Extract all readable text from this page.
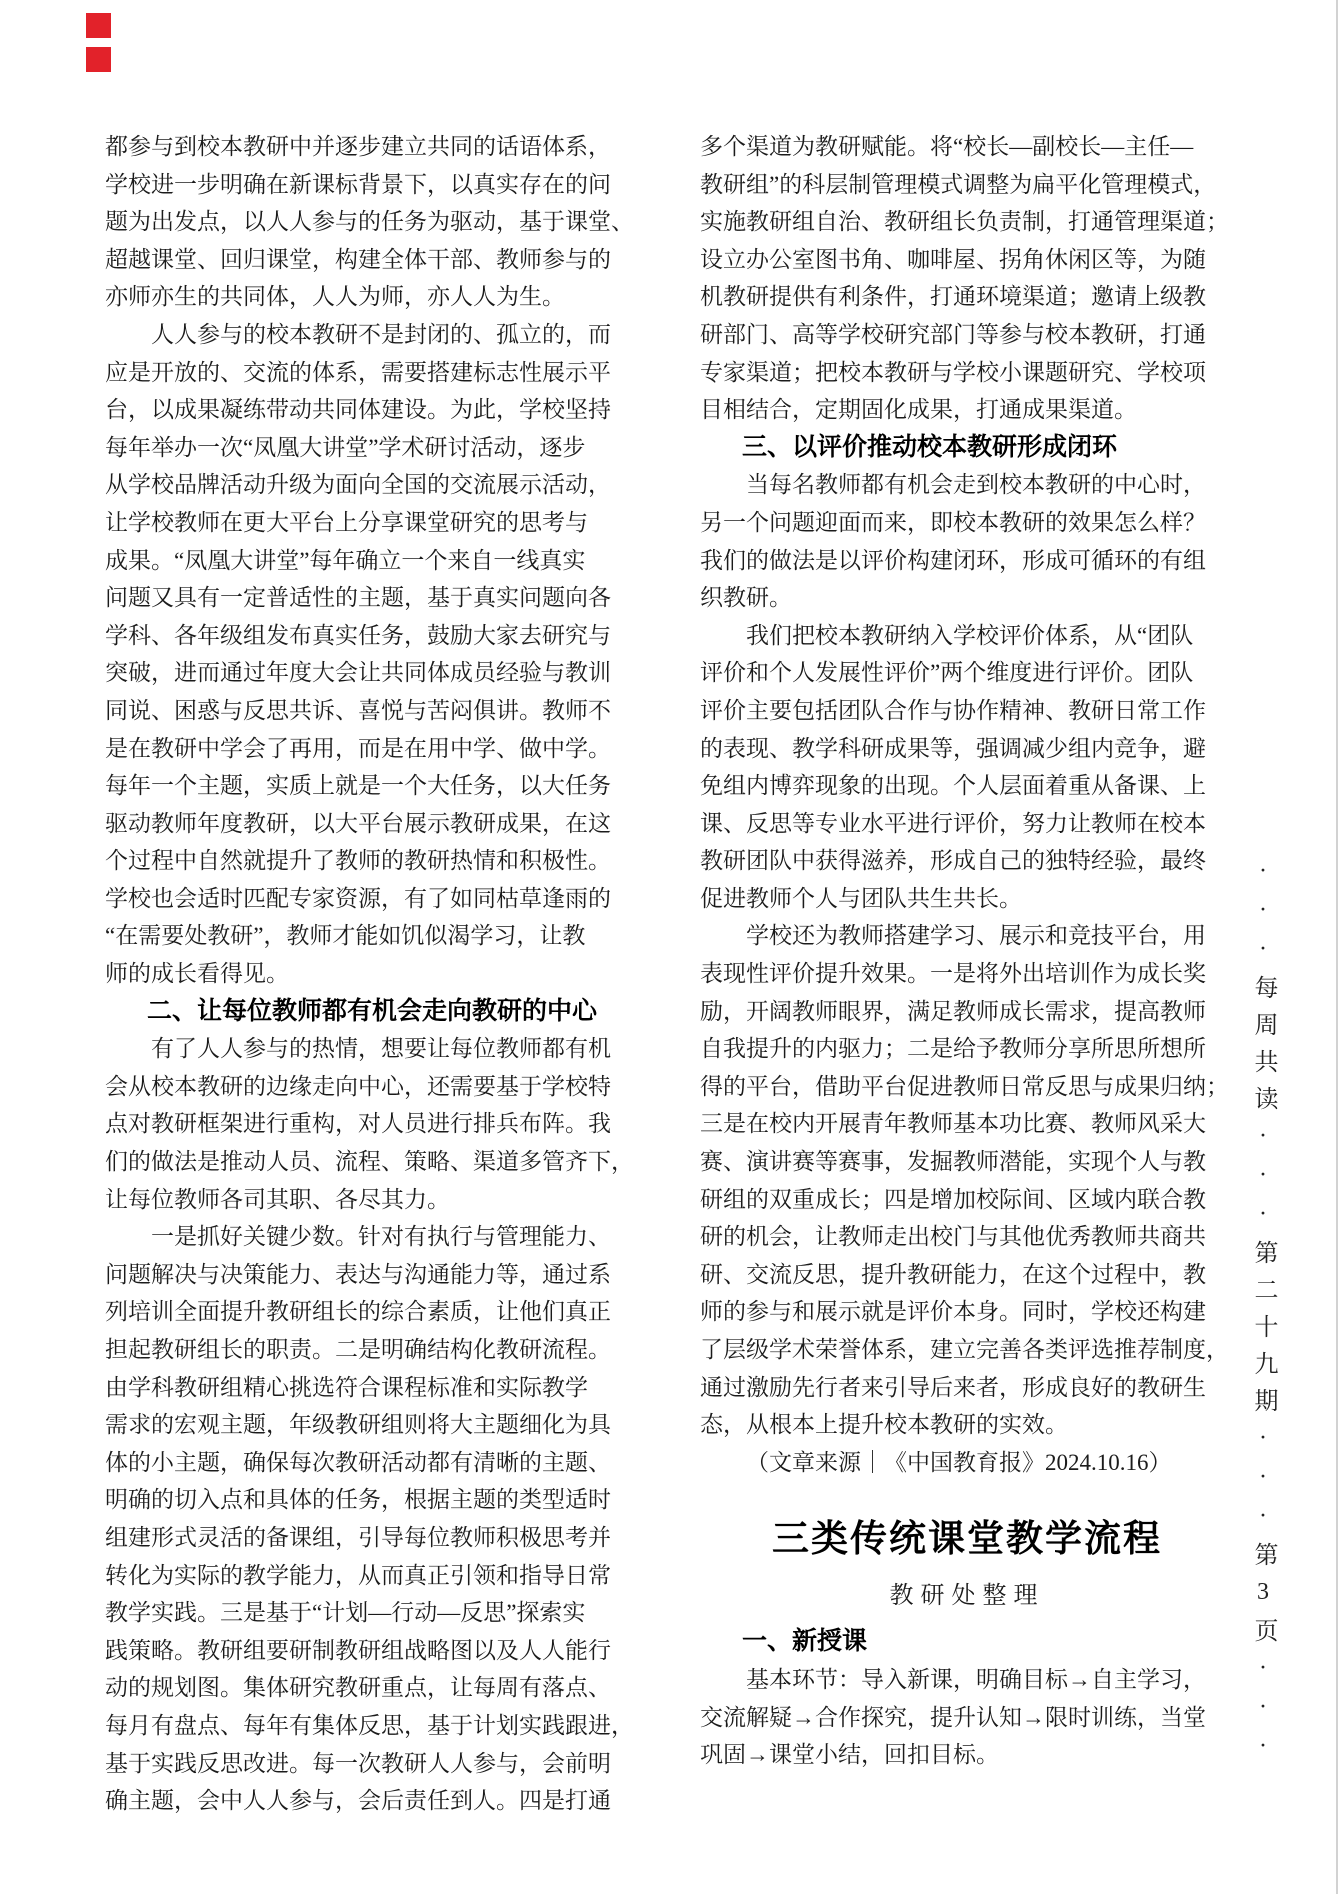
都参与到校本教研中并逐步建立共同的话语体系，
学校进一步明确在新课标背景下，以真实存在的问
题为出发点，以人人参与的任务为驱动，基于课堂、
超越课堂、回归课堂，构建全体干部、教师参与的
亦师亦生的共同体，人人为师，亦人人为生。
　　人人参与的校本教研不是封闭的、孤立的，而
应是开放的、交流的体系，需要搭建标志性展示平
台，以成果凝练带动共同体建设。为此，学校坚持
每年举办一次“凤凰大讲堂”学术研讨活动，逐步
从学校品牌活动升级为面向全国的交流展示活动，
让学校教师在更大平台上分享课堂研究的思考与
成果。“凤凰大讲堂”每年确立一个来自一线真实
问题又具有一定普适性的主题，基于真实问题向各
学科、各年级组发布真实任务，鼓励大家去研究与
突破，进而通过年度大会让共同体成员经验与教训
同说、困惑与反思共诉、喜悦与苦闷俱讲。教师不
是在教研中学会了再用，而是在用中学、做中学。
每年一个主题，实质上就是一个大任务，以大任务
驱动教师年度教研，以大平台展示教研成果，在这
个过程中自然就提升了教师的教研热情和积极性。
学校也会适时匹配专家资源，有了如同枯草逢雨的
“在需要处教研”，教师才能如饥似渴学习，让教
师的成长看得见。
二、让每位教师都有机会走向教研的中心
　　有了人人参与的热情，想要让每位教师都有机
会从校本教研的边缘走向中心，还需要基于学校特
点对教研框架进行重构，对人员进行排兵布阵。我
们的做法是推动人员、流程、策略、渠道多管齐下，
让每位教师各司其职、各尽其力。
　　一是抓好关键少数。针对有执行与管理能力、
问题解决与决策能力、表达与沟通能力等，通过系
列培训全面提升教研组长的综合素质，让他们真正
担起教研组长的职责。二是明确结构化教研流程。
由学科教研组精心挑选符合课程标准和实际教学
需求的宏观主题，年级教研组则将大主题细化为具
体的小主题，确保每次教研活动都有清晰的主题、
明确的切入点和具体的任务，根据主题的类型适时
组建形式灵活的备课组，引导每位教师积极思考并
转化为实际的教学能力，从而真正引领和指导日常
教学实践。三是基于“计划—行动—反思”探索实
践策略。教研组要研制教研组战略图以及人人能行
动的规划图。集体研究教研重点，让每周有落点、
每月有盘点、每年有集体反思，基于计划实践跟进，
基于实践反思改进。每一次教研人人参与，会前明
确主题，会中人人参与，会后责任到人。四是打通
多个渠道为教研赋能。将“校长—副校长—主任—
教研组”的科层制管理模式调整为扁平化管理模式，
实施教研组自治、教研组长负责制，打通管理渠道；
设立办公室图书角、咖啡屋、拐角休闲区等，为随
机教研提供有利条件，打通环境渠道；邀请上级教
研部门、高等学校研究部门等参与校本教研，打通
专家渠道；把校本教研与学校小课题研究、学校项
目相结合，定期固化成果，打通成果渠道。
三、以评价推动校本教研形成闭环
　　当每名教师都有机会走到校本教研的中心时，
另一个问题迎面而来，即校本教研的效果怎么样？
我们的做法是以评价构建闭环，形成可循环的有组
织教研。
　　我们把校本教研纳入学校评价体系，从“团队
评价和个人发展性评价”两个维度进行评价。团队
评价主要包括团队合作与协作精神、教研日常工作
的表现、教学科研成果等，强调减少组内竞争，避
免组内博弈现象的出现。个人层面着重从备课、上
课、反思等专业水平进行评价，努力让教师在校本
教研团队中获得滋养，形成自己的独特经验，最终
促进教师个人与团队共生共长。
　　学校还为教师搭建学习、展示和竞技平台，用
表现性评价提升效果。一是将外出培训作为成长奖
励，开阔教师眼界，满足教师成长需求，提高教师
自我提升的内驱力；二是给予教师分享所思所想所
得的平台，借助平台促进教师日常反思与成果归纳；
三是在校内开展青年教师基本功比赛、教师风采大
赛、演讲赛等赛事，发掘教师潜能，实现个人与教
研组的双重成长；四是增加校际间、区域内联合教
研的机会，让教师走出校门与其他优秀教师共商共
研、交流反思，提升教研能力，在这个过程中，教
师的参与和展示就是评价本身。同时，学校还构建
了层级学术荣誉体系，建立完善各类评选推荐制度，
通过激励先行者来引导后来者，形成良好的教研生
态，从根本上提升校本教研的实效。
（文章来源｜《中国教育报》2024.10.16）
三类传统课堂教学流程
教研处整理
一、新授课
　　基本环节：导入新课，明确目标→自主学习，
交流解疑→合作探究，提升认知→限时训练，当堂
巩固→课堂小结，回扣目标。	···每周共读···第二十九期···第3页···
